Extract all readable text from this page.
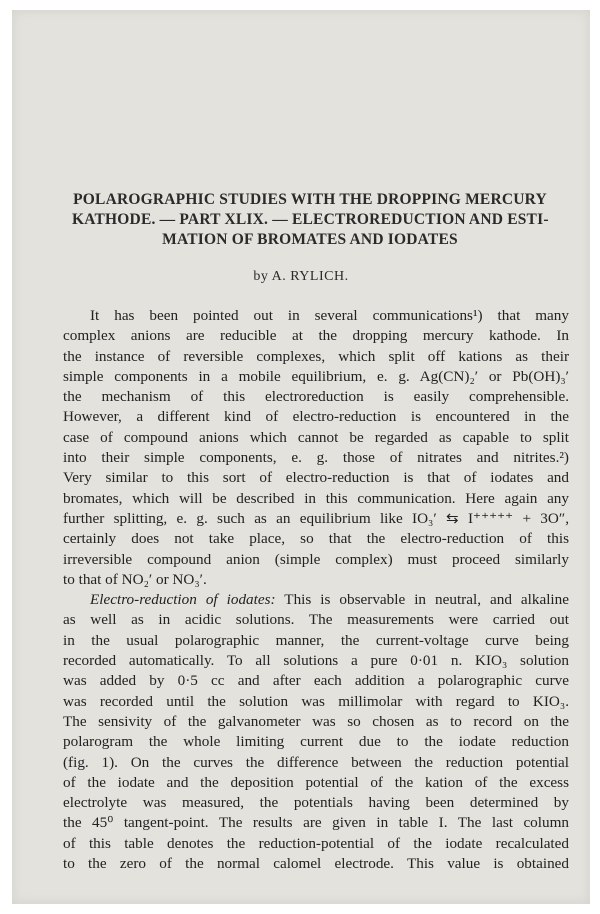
POLAROGRAPHIC STUDIES WITH THE DROPPING MERCURY
KATHODE. — PART XLIX. — ELECTROREDUCTION AND ESTI-
MATION OF BROMATES AND IODATES
by A. RYLICH.
It has been pointed out in several communications¹) that many
complex anions are reducible at the dropping mercury kathode. In
the instance of reversible complexes, which split off kations as their
simple components in a mobile equilibrium, e. g. Ag(CN)₂′ or Pb(OH)₃′
the mechanism of this electroreduction is easily comprehensible.
However, a different kind of electro-reduction is encountered in the
case of compound anions which cannot be regarded as capable to split
into their simple components, e. g. those of nitrates and nitrites.²)
Very similar to this sort of electro-reduction is that of iodates and
bromates, which will be described in this communication. Here again any
further splitting, e. g. such as an equilibrium like IO₃′ ⇆ I⁺⁺⁺⁺⁺ + 3O″,
certainly does not take place, so that the electro-reduction of this
irreversible compound anion (simple complex) must proceed similarly
to that of NO₂′ or NO₃′.
Electro-reduction of iodates: This is observable in neutral, and alkaline
as well as in acidic solutions. The measurements were carried out
in the usual polarographic manner, the current-voltage curve being
recorded automatically. To all solutions a pure 0·01 n. KIO₃ solution
was added by 0·5 cc and after each addition a polarographic curve
was recorded until the solution was millimolar with regard to KIO₃.
The sensivity of the galvanometer was so chosen as to record on the
polarogram the whole limiting current due to the iodate reduction
(fig. 1). On the curves the difference between the reduction potential
of the iodate and the deposition potential of the kation of the excess
electrolyte was measured, the potentials having been determined by
the 45⁰ tangent-point. The results are given in table I. The last column
of this table denotes the reduction-potential of the iodate recalculated
to the zero of the normal calomel electrode. This value is obtained
